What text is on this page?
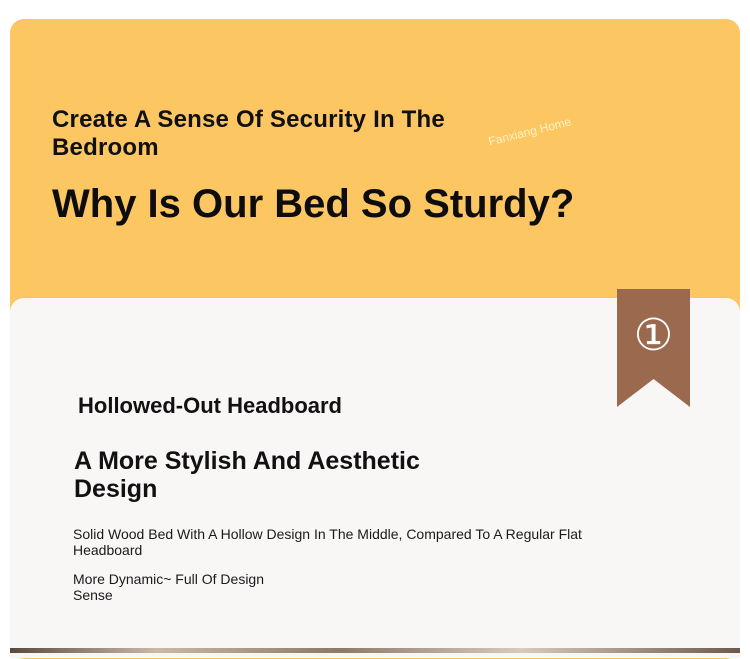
Create A Sense Of Security In The Bedroom	Fanxiang Home
Why Is Our Bed So Sturdy?
①
Hollowed-Out Headboard
A More Stylish And Aesthetic Design
Solid Wood Bed With A Hollow Design In The Middle, Compared To A Regular Flat Headboard
More Dynamic~ Full Of Design Sense
